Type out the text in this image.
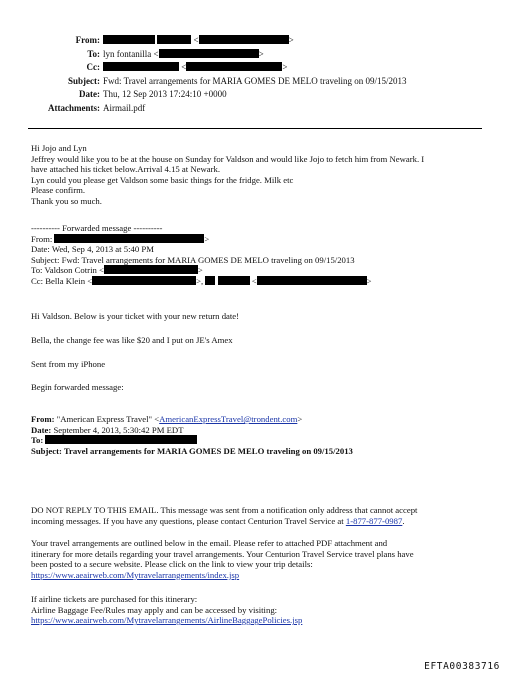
From:	<	>
To: lyn fontanilla <	>
Cc:	<	>
Subject: Fwd: Travel arrangements for MARIA GOMES DE MELO traveling on 09/15/2013
Date: Thu, 12 Sep 2013 17:24:10 +0000
Attachments: Airmail.pdf
Hi Jojo and Lyn
Jeffrey would like you to be at the house on Sunday for Valdson and would like Jojo to fetch him from Newark. I
have attached his ticket below.Arrival 4.15 at Newark.
Lyn could you please get Valdson some basic things for the fridge. Milk etc
Please confirm.
Thank you so much.
---------- Forwarded message ----------
From:	>
Date: Wed, Sep 4, 2013 at 5:40 PM
Subject: Fwd: Travel arrangements for MARIA GOMES DE MELO traveling on 09/15/2013
To: Valdson Cotrin <	>
Cc: Bella Klein <	>,	<	>
Hi Valdson. Below is your ticket with your new return date!
Bella, the change fee was like $20 and I put on JE's Amex
Sent from my iPhone
Begin forwarded message:
From: "American Express Travel" <AmericanExpressTravel@trondent.com>
Date: September 4, 2013, 5:30:42 PM EDT
To:
Subject: Travel arrangements for MARIA GOMES DE MELO traveling on 09/15/2013
DO NOT REPLY TO THIS EMAIL. This message was sent from a notification only address that cannot accept
incoming messages. If you have any questions, please contact Centurion Travel Service at 1-877-877-0987.
Your travel arrangements are outlined below in the email. Please refer to attached PDF attachment and
itinerary for more details regarding your travel arrangements. Your Centurion Travel Service travel plans have
been posted to a secure website. Please click on the link to view your trip details:
https://www.aeairweb.com/Mytravelarrangements/index.jsp
If airline tickets are purchased for this itinerary:
Airline Baggage Fee/Rules may apply and can be accessed by visiting:
https://www.aeairweb.com/Mytravelarrangements/AirlineBaggagePolicies.jsp
EFTA00383716
